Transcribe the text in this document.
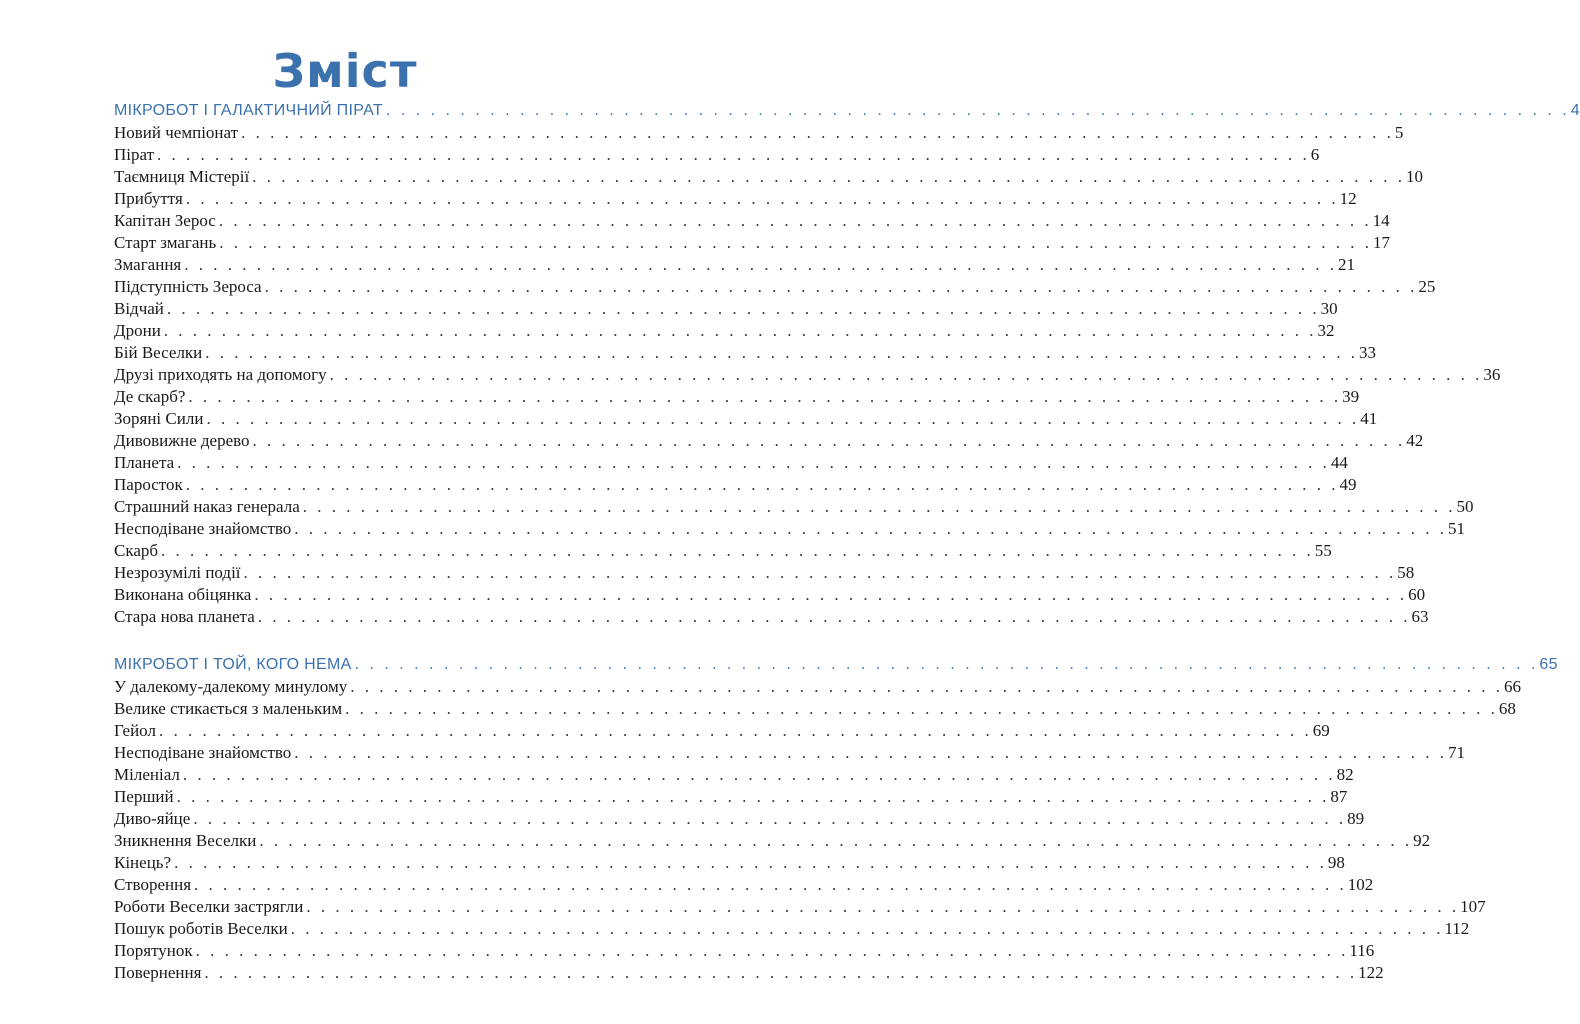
Зміст
МІКРОБОТ І ГАЛАКТИЧНИЙ ПІРАТ . . . . . . . . . . . . . . . . . . . . . . . . . . . . . . . . . . . . . . . . . . . . . . . . . . . . . . . . . . . . . . . . . . . . . . . . . . . . . . . . 4
Новий чемпіонат . . . . . . . . . . . . . . . . . . . . . . . . . . . . . . . . . . . . . . . . . . . . . . . . . . . . . . . . . . . . . . . . . . . . . . . . . . . . . . . . 5
Пірат . . . . . . . . . . . . . . . . . . . . . . . . . . . . . . . . . . . . . . . . . . . . . . . . . . . . . . . . . . . . . . . . . . . . . . . . . . . . . . . . 6
Таємниця Містерії . . . . . . . . . . . . . . . . . . . . . . . . . . . . . . . . . . . . . . . . . . . . . . . . . . . . . . . . . . . . . . . . . . . . . . . . . . . . . . . . 10
Прибуття . . . . . . . . . . . . . . . . . . . . . . . . . . . . . . . . . . . . . . . . . . . . . . . . . . . . . . . . . . . . . . . . . . . . . . . . . . . . . . . . 12
Капітан Зерос . . . . . . . . . . . . . . . . . . . . . . . . . . . . . . . . . . . . . . . . . . . . . . . . . . . . . . . . . . . . . . . . . . . . . . . . . . . . . . . . 14
Старт змагань . . . . . . . . . . . . . . . . . . . . . . . . . . . . . . . . . . . . . . . . . . . . . . . . . . . . . . . . . . . . . . . . . . . . . . . . . . . . . . . . 17
Змагання . . . . . . . . . . . . . . . . . . . . . . . . . . . . . . . . . . . . . . . . . . . . . . . . . . . . . . . . . . . . . . . . . . . . . . . . . . . . . . . . 21
Підступність Зероса . . . . . . . . . . . . . . . . . . . . . . . . . . . . . . . . . . . . . . . . . . . . . . . . . . . . . . . . . . . . . . . . . . . . . . . . . . . . . . . . 25
Відчай . . . . . . . . . . . . . . . . . . . . . . . . . . . . . . . . . . . . . . . . . . . . . . . . . . . . . . . . . . . . . . . . . . . . . . . . . . . . . . . . 30
Дрони . . . . . . . . . . . . . . . . . . . . . . . . . . . . . . . . . . . . . . . . . . . . . . . . . . . . . . . . . . . . . . . . . . . . . . . . . . . . . . . . 32
Бій Веселки . . . . . . . . . . . . . . . . . . . . . . . . . . . . . . . . . . . . . . . . . . . . . . . . . . . . . . . . . . . . . . . . . . . . . . . . . . . . . . . . 33
Друзі приходять на допомогу . . . . . . . . . . . . . . . . . . . . . . . . . . . . . . . . . . . . . . . . . . . . . . . . . . . . . . . . . . . . . . . . . . . . . . . . . . . . . . . . 36
Де скарб? . . . . . . . . . . . . . . . . . . . . . . . . . . . . . . . . . . . . . . . . . . . . . . . . . . . . . . . . . . . . . . . . . . . . . . . . . . . . . . . . 39
Зоряні Сили . . . . . . . . . . . . . . . . . . . . . . . . . . . . . . . . . . . . . . . . . . . . . . . . . . . . . . . . . . . . . . . . . . . . . . . . . . . . . . . . 41
Дивовижне дерево . . . . . . . . . . . . . . . . . . . . . . . . . . . . . . . . . . . . . . . . . . . . . . . . . . . . . . . . . . . . . . . . . . . . . . . . . . . . . . . . 42
Планета . . . . . . . . . . . . . . . . . . . . . . . . . . . . . . . . . . . . . . . . . . . . . . . . . . . . . . . . . . . . . . . . . . . . . . . . . . . . . . . . 44
Паросток . . . . . . . . . . . . . . . . . . . . . . . . . . . . . . . . . . . . . . . . . . . . . . . . . . . . . . . . . . . . . . . . . . . . . . . . . . . . . . . . 49
Страшний наказ генерала . . . . . . . . . . . . . . . . . . . . . . . . . . . . . . . . . . . . . . . . . . . . . . . . . . . . . . . . . . . . . . . . . . . . . . . . . . . . . . . . 50
Несподіване знайомство . . . . . . . . . . . . . . . . . . . . . . . . . . . . . . . . . . . . . . . . . . . . . . . . . . . . . . . . . . . . . . . . . . . . . . . . . . . . . . . . 51
Скарб . . . . . . . . . . . . . . . . . . . . . . . . . . . . . . . . . . . . . . . . . . . . . . . . . . . . . . . . . . . . . . . . . . . . . . . . . . . . . . . . 55
Незрозумілі події . . . . . . . . . . . . . . . . . . . . . . . . . . . . . . . . . . . . . . . . . . . . . . . . . . . . . . . . . . . . . . . . . . . . . . . . . . . . . . . . 58
Виконана обіцянка . . . . . . . . . . . . . . . . . . . . . . . . . . . . . . . . . . . . . . . . . . . . . . . . . . . . . . . . . . . . . . . . . . . . . . . . . . . . . . . . 60
Стара нова планета . . . . . . . . . . . . . . . . . . . . . . . . . . . . . . . . . . . . . . . . . . . . . . . . . . . . . . . . . . . . . . . . . . . . . . . . . . . . . . . . 63
МІКРОБОТ І ТОЙ, КОГО НЕМА . . . . . . . . . . . . . . . . . . . . . . . . . . . . . . . . . . . . . . . . . . . . . . . . . . . . . . . . . . . . . . . . . . . . . . . . . . . . . . . . 65
У далекому-далекому минулому . . . . . . . . . . . . . . . . . . . . . . . . . . . . . . . . . . . . . . . . . . . . . . . . . . . . . . . . . . . . . . . . . . . . . . . . . . . . . . . . 66
Велике стикається з маленьким . . . . . . . . . . . . . . . . . . . . . . . . . . . . . . . . . . . . . . . . . . . . . . . . . . . . . . . . . . . . . . . . . . . . . . . . . . . . . . . . 68
Гейол . . . . . . . . . . . . . . . . . . . . . . . . . . . . . . . . . . . . . . . . . . . . . . . . . . . . . . . . . . . . . . . . . . . . . . . . . . . . . . . . 69
Несподіване знайомство . . . . . . . . . . . . . . . . . . . . . . . . . . . . . . . . . . . . . . . . . . . . . . . . . . . . . . . . . . . . . . . . . . . . . . . . . . . . . . . . 71
Міленіал . . . . . . . . . . . . . . . . . . . . . . . . . . . . . . . . . . . . . . . . . . . . . . . . . . . . . . . . . . . . . . . . . . . . . . . . . . . . . . . . 82
Перший . . . . . . . . . . . . . . . . . . . . . . . . . . . . . . . . . . . . . . . . . . . . . . . . . . . . . . . . . . . . . . . . . . . . . . . . . . . . . . . . 87
Диво-яйце . . . . . . . . . . . . . . . . . . . . . . . . . . . . . . . . . . . . . . . . . . . . . . . . . . . . . . . . . . . . . . . . . . . . . . . . . . . . . . . . 89
Зникнення Веселки . . . . . . . . . . . . . . . . . . . . . . . . . . . . . . . . . . . . . . . . . . . . . . . . . . . . . . . . . . . . . . . . . . . . . . . . . . . . . . . . 92
Кінець? . . . . . . . . . . . . . . . . . . . . . . . . . . . . . . . . . . . . . . . . . . . . . . . . . . . . . . . . . . . . . . . . . . . . . . . . . . . . . . . . 98
Створення . . . . . . . . . . . . . . . . . . . . . . . . . . . . . . . . . . . . . . . . . . . . . . . . . . . . . . . . . . . . . . . . . . . . . . . . . . . . . . . . 102
Роботи Веселки застрягли . . . . . . . . . . . . . . . . . . . . . . . . . . . . . . . . . . . . . . . . . . . . . . . . . . . . . . . . . . . . . . . . . . . . . . . . . . . . . . . . 107
Пошук роботів Веселки . . . . . . . . . . . . . . . . . . . . . . . . . . . . . . . . . . . . . . . . . . . . . . . . . . . . . . . . . . . . . . . . . . . . . . . . . . . . . . . . 112
Порятунок . . . . . . . . . . . . . . . . . . . . . . . . . . . . . . . . . . . . . . . . . . . . . . . . . . . . . . . . . . . . . . . . . . . . . . . . . . . . . . . . 116
Повернення . . . . . . . . . . . . . . . . . . . . . . . . . . . . . . . . . . . . . . . . . . . . . . . . . . . . . . . . . . . . . . . . . . . . . . . . . . . . . . . . 122
